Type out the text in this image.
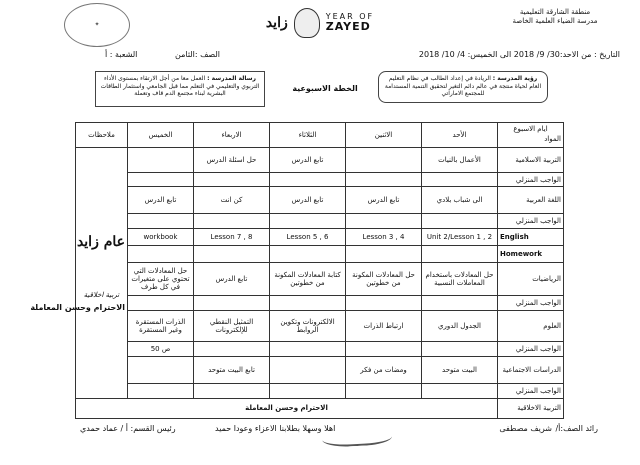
✦	زايد	YEAR OF
ZAYED
منطقة الشارقة التعليمية
مدرسة الضياء العلمية الخاصة
التاريخ : من الاحد:30/ 9/ 2018 الى الخميس: 4/ 10/ 2018
الصف :الثامن
الشعبة : أ
رؤية المدرسة : الريادة في إعداد الطالب في نظام التعليم العام لحياة منتجة في عالم دائم التغير لتحقيق التنمية المستدامة للمجتمع الاماراتي
رسالة المدرسة : العمل معا من أجل الارتقاء بمستوى الأداء التربوي والتعليمي في التعلم مما قبل الجامعي واستثمار الطاقات البشرية لبناء مجتمع الدم قاف وتعملة
الخطة الاسبوعية
ايام الاسبوع
المواد	الأحد	الاثنين	الثلاثاء	الاربعاء	الخميس	ملاحظات
التربية الاسلامية	الأعمال بالنيات		تابع الدرس	حل اسئلة الدرس		عام زايد
تربية اخلاقية
الاحترام وحسن المعاملة

الواجب المنزلي						
اللغة العربية	الى شباب بلادي	تابع الدرس	تابع الدرس	كن انت	تابع الدرس	
الواجب المنزلي						
English	Unit 2/Lesson 1 , 2	Lesson 3 , 4	Lesson 5 , 6	Lesson 7 , 8	workbook	
Homework						
الرياضيات	حل المعادلات باستخدام المعاملات النسبية	حل المعادلات المكونة من خطوتين	كتابة المعادلات المكونة من خطوتين	تابع الدرس	حل المعادلات التي تحتوي على متغيرات في كل طرف	
الواجب المنزلي						
العلوم	الجدول الدوري	ارتباط الذرات	الالكترونات وتكوين الروابط	التمثيل النقطي للإلكترونات	الذرات المستقرة وغير المستقرة	
الواجب المنزلي					ص 50	
الدراسات الاجتماعية	البيت متوحد	ومضات من فكر		تابع البيت متوحد		
الواجب المنزلي						
التربية الاخلاقية	الاحترام وحسن المعاملة					
رائد الصف:أ/
شريف مصطفى
اهلا وسهلا بطلابنا الاعزاء وعودا حميد
رئيس القسم: أ / عماد حمدي
